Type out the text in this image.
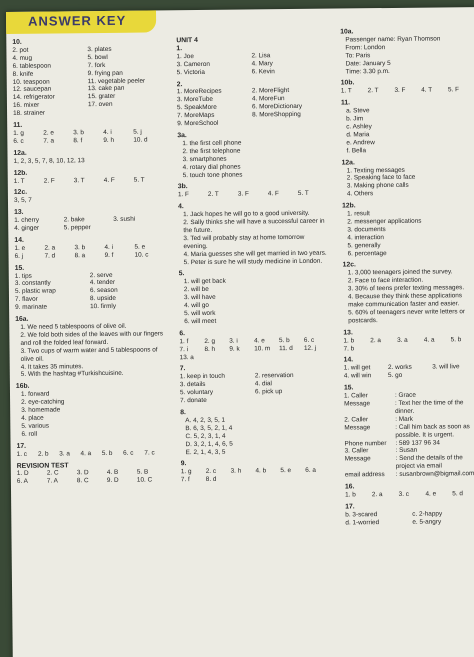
ANSWER KEY
10.
2. pot	3. plates
4. mug	5. bowl
6. tablespoon	7. fork
8. knife	9. frying pan
10. teaspoon	11. vegetable peeler
12. saucepan	13. cake pan
14. refrigerator	15. grater
16. mixer	17. oven
18. strainer
11.
1. g	2. e	3. b	4. i	5. j
6. c	7. a	8. f	9. h	10. d
12a.
1, 2, 3, 5, 7, 8, 10, 12, 13
12b.
1. T	2. F	3. T	4. F	5. T
12c.
3, 5, 7
13.
1. cherry	2. bake	3. sushi
4. ginger	5. pepper
14.
1. e	2. a	3. b	4. i	5. e
6. j	7. d	8. a	9. f	10. c
15.
1. tips	2. serve
3. constantly	4. tender
5. plastic wrap	6. season
7. flavor	8. upside
9. marinate	10. firmly
16a.
1. We need 5 tablespoons of olive oil.
2. We fold both sides of the leaves with our fingers and roll the folded leaf forward.
3. Two cups of warm water and 5 tablespoons of olive oil.
4. It takes 35 minutes.
5. With the hashtag #Turkishcuisine.
16b.
1. forward
2. eye-catching
3. homemade
4. place
5. various
6. roll
17.
1. c	2. b	3. a	4. a	5. b	6. c	7. c
REVISION TEST
1. D	2. C	3. D	4. B	5. B
6. A	7. A	8. C	9. D	10. C
UNIT 4
1.
1. Joe	2. Lisa
3. Cameron	4. Mary
5. Victoria	6. Kevin
2.
1. MoreRecipes	2. MoreFlight
3. MoreTube	4. MoreFun
5. SpeakMore	6. MoreDictionary
7. MoreMaps	8. MoreShopping
9. MoreSchool
3a.
1. the first cell phone
2. the first telephone
3. smartphones
4. rotary dial phones
5. touch tone phones
3b.
1. F	2. T	3. F	4. F	5. T
4.
1. Jack hopes he will go to a good university.
2. Sally thinks she will have a successful career in the future.
3. Ted will probably stay at home tomorrow evening.
4. Maria guesses she will get married in two years.
5. Peter is sure he will study medicine in London.
5.
1. will get back
2. will be
3. will have
4. will go
5. will work
6. will meet
6.
1. f	2. g	3. i	4. e	5. b	6. c
7. i	8. h	9. k	10. m	11. d	12. j
13. a
7.
1. keep in touch	2. reservation
3. details	4. dial
5. voluntary	6. pick up
7. donate
8.
A. 4, 2, 3, 5, 1
B. 6, 3, 5, 2, 1, 4
C. 5, 2, 3, 1, 4
D. 3, 2, 1, 4, 6, 5
E. 2, 1, 4, 3, 5
9.
1. g	2. c	3. h	4. b	5. e	6. a
7. f	8. d
10a.
Passenger name: Ryan Thomson
From: London
To: Paris
Date: January 5
Time: 3.30 p.m.
10b.
1. T	2. T	3. F	4. T	5. F
11.
a. Steve
b. Jim
c. Ashley
d. Maria
e. Andrew
f. Bella
12a.
1. Texting messages
2. Speaking face to face
3. Making phone calls
4. Others
12b.
1. result
2. messenger applications
3. documents
4. interaction
5. generally
6. percentage
12c.
1. 3,000 teenagers joined the survey.
2. Face to face interaction.
3. 30% of teens prefer texting messages.
4. Because they think these applications make communication faster and easier.
5. 60% of teenagers never write letters or postcards.
13.
1. b	2. a	3. a	4. a	5. b
7. b
14.
1. will get	2. works	3. will live
4. will win	5. go
15.
1. Caller	: Grace
Message	: Text her the time of the dinner.
2. Caller	: Mark
Message	: Call him back as soon as possible. It is urgent.
Phone number	: 589 137 96 34
3. Caller	: Susan
Message	: Send the details of the project via email
email address	: susanbrown@bigmail.com
16.
1. b	2. a	3. c	4. e	5. d
17.
b. 3-scared	c. 2-happy
d. 1-worried	e. 5-angry
